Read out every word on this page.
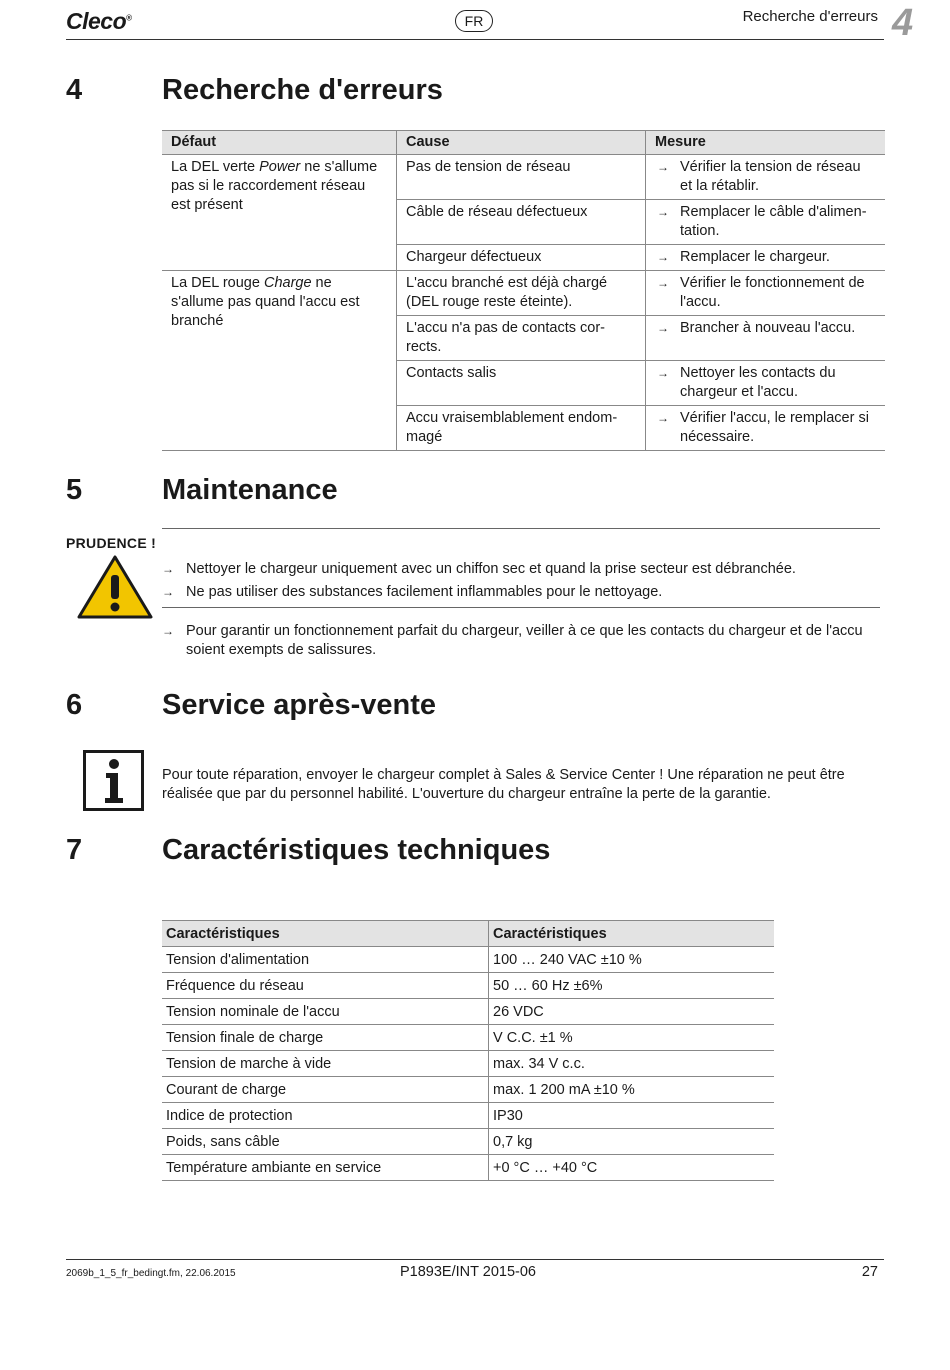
Cleco®	FR	Recherche d'erreurs 4
4	Recherche d'erreurs
Défaut	Cause	Mesure
La DEL verte Power ne s'allume pas si le raccordement réseau est présent	Pas de tension de réseau	→ Vérifier la tension de réseau et la rétablir.
	Câble de réseau défectueux	→ Remplacer le câble d'alimen-tation.
	Chargeur défectueux	→ Remplacer le chargeur.
La DEL rouge Charge ne s'allume pas quand l'accu est branché	L'accu branché est déjà chargé (DEL rouge reste éteinte).	→ Vérifier le fonctionnement de l'accu.
	L'accu n'a pas de contacts cor-rects.	→ Brancher à nouveau l'accu.
	Contacts salis	→ Nettoyer les contacts du chargeur et l'accu.
	Accu vraisemblablement endom-magé	→ Vérifier l'accu, le remplacer si nécessaire.
5	Maintenance
PRUDENCE !
→ Nettoyer le chargeur uniquement avec un chiffon sec et quand la prise secteur est débranchée.
→ Ne pas utiliser des substances facilement inflammables pour le nettoyage.
→ Pour garantir un fonctionnement parfait du chargeur, veiller à ce que les contacts du chargeur et de l'accu soient exempts de salissures.
6	Service après-vente
Pour toute réparation, envoyer le chargeur complet à Sales & Service Center ! Une réparation ne peut être réalisée que par du personnel habilité. L'ouverture du chargeur entraîne la perte de la garantie.
7	Caractéristiques techniques
Caractéristiques	Caractéristiques
Tension d'alimentation	100 … 240 VAC ±10 %
Fréquence du réseau	50 … 60 Hz ±6%
Tension nominale de l'accu	26 VDC
Tension finale de charge	V C.C. ±1 %
Tension de marche à vide	max. 34 V c.c.
Courant de charge	max. 1 200 mA ±10 %
Indice de protection	IP30
Poids, sans câble	0,7 kg
Température ambiante en service	+0 °C … +40 °C
2069b_1_5_fr_bedingt.fm, 22.06.2015	P1893E/INT 2015-06	27
